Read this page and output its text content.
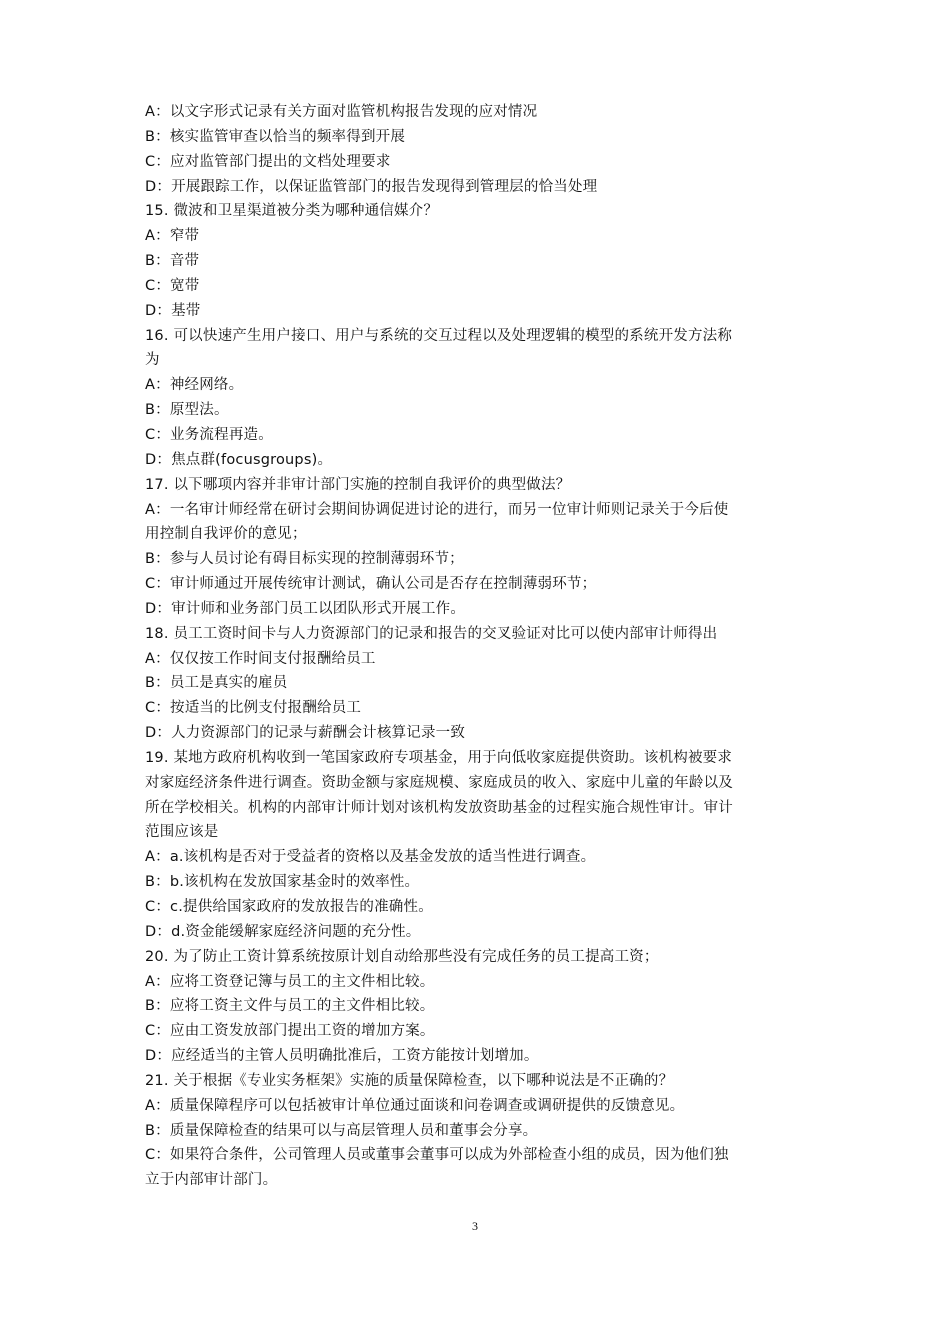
A：以文字形式记录有关方面对监管机构报告发现的应对情况
B：核实监管审查以恰当的频率得到开展
C：应对监管部门提出的文档处理要求
D：开展跟踪工作，以保证监管部门的报告发现得到管理层的恰当处理
15. 微波和卫星渠道被分类为哪种通信媒介？
A：窄带
B：音带
C：宽带
D：基带
16. 可以快速产生用户接口、用户与系统的交互过程以及处理逻辑的模型的系统开发方法称
为
A：神经网络。
B：原型法。
C：业务流程再造。
D：焦点群(focusgroups)。
17. 以下哪项内容并非审计部门实施的控制自我评价的典型做法？
A：一名审计师经常在研讨会期间协调促进讨论的进行，而另一位审计师则记录关于今后使
用控制自我评价的意见；
B：参与人员讨论有碍目标实现的控制薄弱环节；
C：审计师通过开展传统审计测试，确认公司是否存在控制薄弱环节；
D：审计师和业务部门员工以团队形式开展工作。
18. 员工工资时间卡与人力资源部门的记录和报告的交叉验证对比可以使内部审计师得出
A：仅仅按工作时间支付报酬给员工
B：员工是真实的雇员
C：按适当的比例支付报酬给员工
D：人力资源部门的记录与薪酬会计核算记录一致
19. 某地方政府机构收到一笔国家政府专项基金，用于向低收家庭提供资助。该机构被要求
对家庭经济条件进行调查。资助金额与家庭规模、家庭成员的收入、家庭中儿童的年龄以及
所在学校相关。机构的内部审计师计划对该机构发放资助基金的过程实施合规性审计。审计
范围应该是
A：a.该机构是否对于受益者的资格以及基金发放的适当性进行调查。
B：b.该机构在发放国家基金时的效率性。
C：c.提供给国家政府的发放报告的准确性。
D：d.资金能缓解家庭经济问题的充分性。
20. 为了防止工资计算系统按原计划自动给那些没有完成任务的员工提高工资；
A：应将工资登记簿与员工的主文件相比较。
B：应将工资主文件与员工的主文件相比较。
C：应由工资发放部门提出工资的增加方案。
D：应经适当的主管人员明确批准后，工资方能按计划增加。
21. 关于根据《专业实务框架》实施的质量保障检查，以下哪种说法是不正确的？
A：质量保障程序可以包括被审计单位通过面谈和问卷调查或调研提供的反馈意见。
B：质量保障检查的结果可以与高层管理人员和董事会分享。
C：如果符合条件，公司管理人员或董事会董事可以成为外部检查小组的成员，因为他们独
立于内部审计部门。
3
